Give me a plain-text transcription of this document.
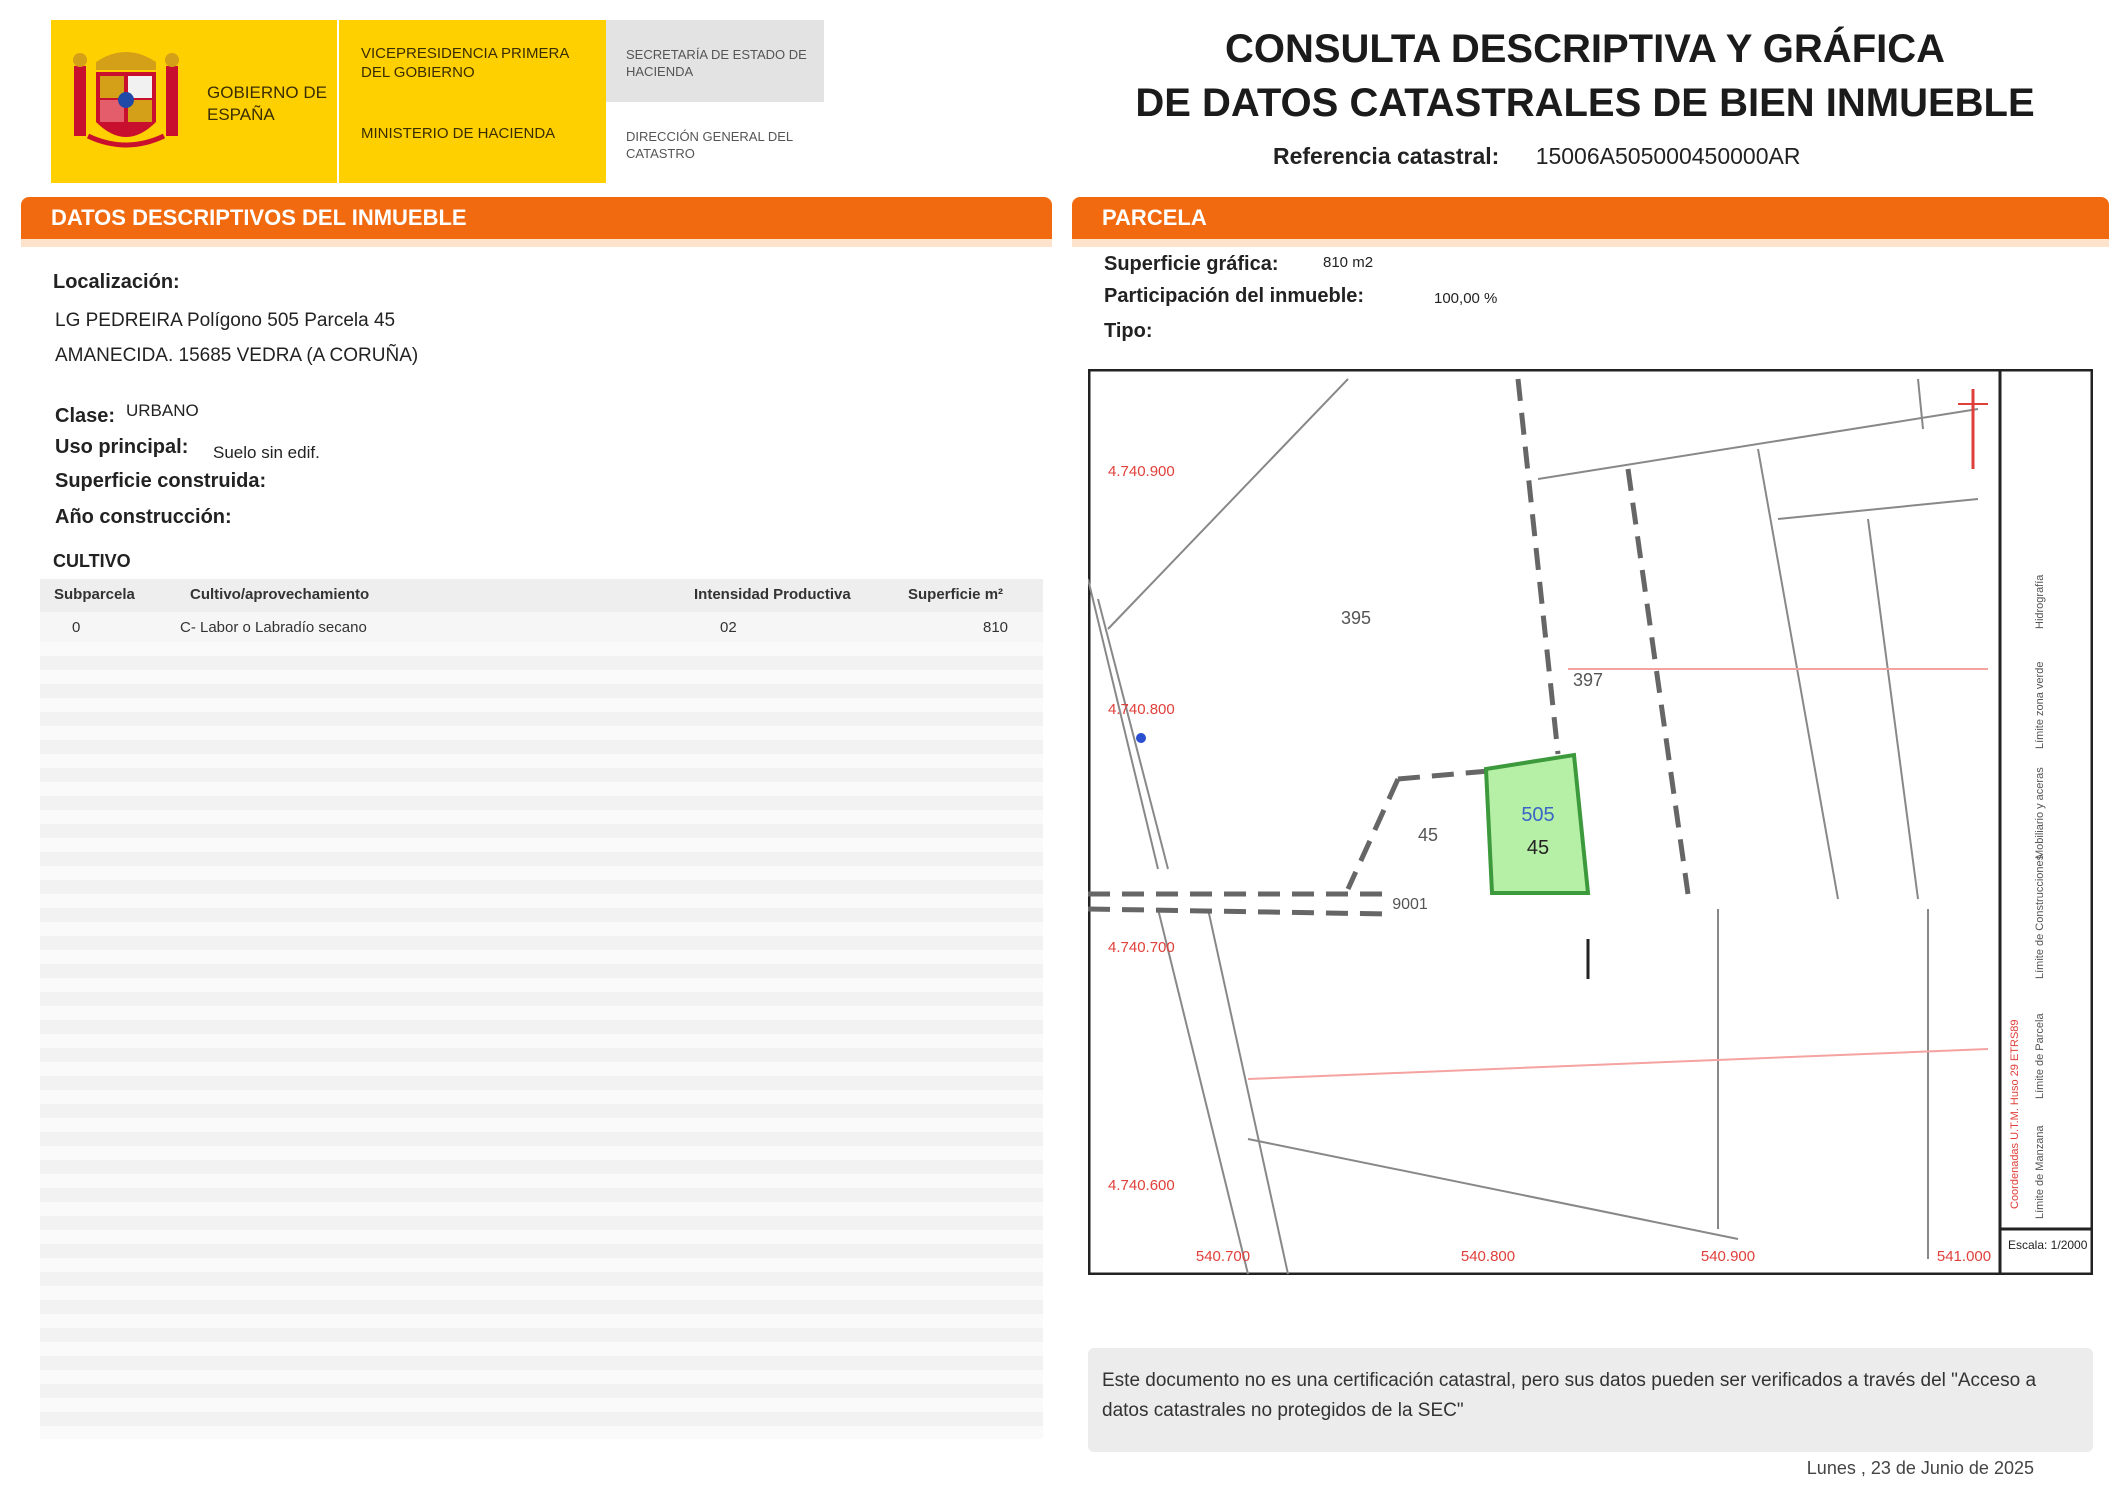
GOBIERNO DE ESPAÑA
VICEPRESIDENCIA PRIMERA DEL GOBIERNO
MINISTERIO DE HACIENDA
SECRETARÍA DE ESTADO DE HACIENDA
DIRECCIÓN GENERAL DEL CATASTRO
CONSULTA DESCRIPTIVA Y GRÁFICA
DE DATOS CATASTRALES DE BIEN INMUEBLE
Referencia catastral: 15006A505000450000AR
DATOS DESCRIPTIVOS DEL INMUEBLE
Localización:
LG PEDREIRA Polígono 505 Parcela 45
AMANECIDA. 15685 VEDRA (A CORUÑA)
Clase: URBANO
Uso principal: Suelo sin edif.
Superficie construida:
Año construcción:
CULTIVO
Subparcela	Cultivo/aprovechamiento	Intensidad Productiva	Superficie m²
0	C- Labor o Labradío secano	02	810
PARCELA
Superficie gráfica:	810 m2
Participación del inmueble:	100,00 %
Tipo:
505
45
395
397
45
9001
4.740.900
4.740.800
4.740.700
4.740.600
540.700	540.800	540.900	541.000
Límite de Manzana
Límite de Parcela
Límite de Construcciones
Mobiliario y aceras
Límite zona verde
Hidrografía
Coordenadas U.T.M. Huso 29 ETRS89
Escala: 1/2000
Este documento no es una certificación catastral, pero sus datos pueden ser verificados a través del "Acceso a datos catastrales no protegidos de la SEC"
Lunes , 23 de Junio de 2025
